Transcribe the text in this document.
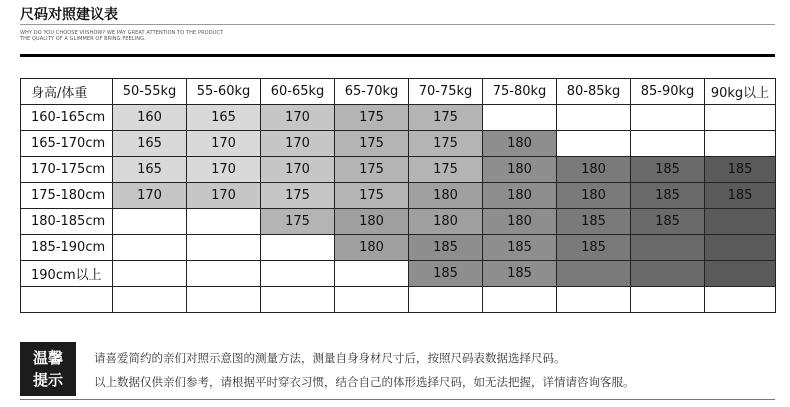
尺码对照建议表
WHY DO YOU CHOOSE VIISHOW? WE PAY GREAT ATTENTION TO THE PRODUCT
THE QUALITY OF A GLIMMER OF BRING FEELING.
身高/体重	50-55kg	55-60kg	60-65kg	65-70kg	70-75kg	75-80kg	80-85kg	85-90kg	90kg以上
160-165cm	160	165	170	175	175				
165-170cm	165	170	170	175	175	180			
170-175cm	165	170	170	175	175	180	180	185	185
175-180cm	170	170	175	175	180	180	180	185	185
180-185cm			175	180	180	180	185	185	
185-190cm				180	185	185	185		
190cm以上					185	185			

温馨
提示
请喜爱简约的亲们对照示意图的测量方法，测量自身身材尺寸后，按照尺码表数据选择尺码。
以上数据仅供亲们参考，请根据平时穿衣习惯，结合自己的体形选择尺码，如无法把握，详情请咨询客服。
